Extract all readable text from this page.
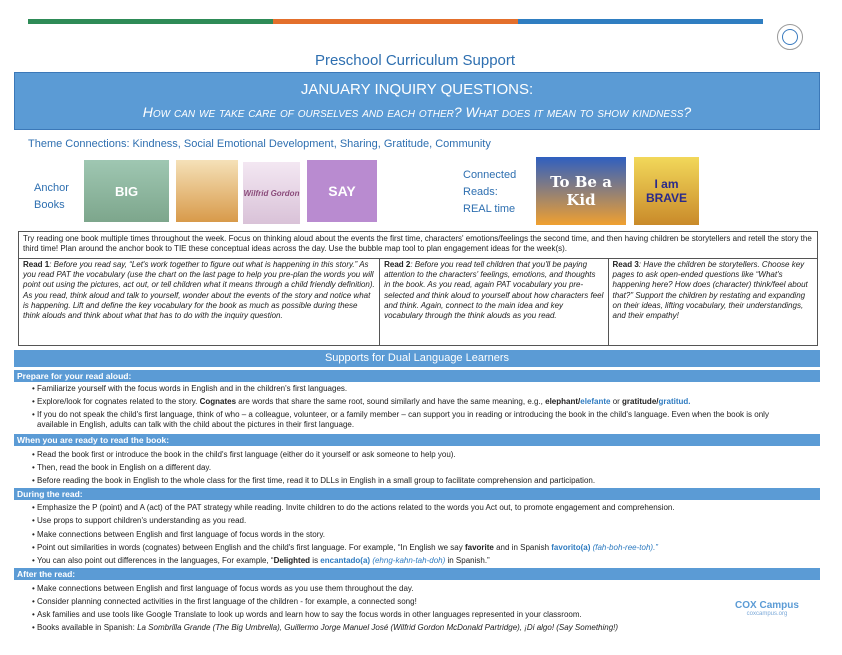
Preschool Curriculum Support
JANUARY INQUIRY QUESTIONS:
How can we take care of ourselves and each other? What does it mean to show kindness?
Theme Connections: Kindness, Social Emotional Development, Sharing, Gratitude, Community
Anchor
Books
BIG	Wilfrid Gordon SAY
Connected
Reads:
REAL time
To Be a Kid
I am BRAVE
Try reading one book multiple times throughout the week. Focus on thinking aloud about the events the first time, characters' emotions/feelings the second time, and then having children be storytellers and retell the story the third time! Plan around the anchor book to TIE these conceptual ideas across the day. Use the bubble map tool to plan engagement ideas for the week(s).
Read 1: Before you read say, “Let's work together to figure out what is happening in this story.” As you read PAT the vocabulary (use the chart on the last page to help you pre-plan the words you will point out using the pictures, act out, or tell children what it means through a child friendly definition). As you read, think aloud and talk to yourself, wonder about the events of the story and notice what is happening. Lift and define the key vocabulary for the book as much as possible during these think alouds and think about what that has to do with the inquiry question.
Read 2: Before you read tell children that you'll be paying attention to the characters' feelings, emotions, and thoughts in the book. As you read, again PAT vocabulary you pre-selected and think aloud to yourself about how characters feel and think. Again, connect to the main idea and key vocabulary through the think alouds as you read.
Read 3: Have the children be storytellers. Choose key pages to ask open-ended questions like “What's happening here? How does (character) think/feel about that?” Support the children by restating and expanding on their ideas, lifting vocabulary, their understandings, and their empathy!
Supports for Dual Language Learners
Prepare for your read aloud:
• Familiarize yourself with the focus words in English and in the children's first languages.
• Explore/look for cognates related to the story. Cognates are words that share the same root, sound similarly and have the same meaning, e.g., elephant/elefante or gratitude/gratitud.
• If you do not speak the child's first language, think of who – a colleague, volunteer, or a family member – can support you in reading or introducing the book in the child's language. Even when the book is only available in English, adults can talk with the child about the pictures in their first language.
When you are ready to read the book:
• Read the book first or introduce the book in the child's first language (either do it yourself or ask someone to help you).
• Then, read the book in English on a different day.
• Before reading the book in English to the whole class for the first time, read it to DLLs in English in a small group to facilitate comprehension and participation.
During the read:
• Emphasize the P (point) and A (act) of the PAT strategy while reading. Invite children to do the actions related to the words you Act out, to promote engagement and comprehension.
• Use props to support children's understanding as you read.
• Make connections between English and first language of focus words in the story.
• Point out similarities in words (cognates) between English and the child's first language. For example, “In English we say favorite and in Spanish favorito(a) (fah-boh-ree-toh).”
• You can also point out differences in the languages, For example, “Delighted is encantado(a) (ehng-kahn-tah-doh) in Spanish.”
After the read:
• Make connections between English and first language of focus words as you use them throughout the day.
• Consider planning connected activities in the first language of the children - for example, a connected song!
• Ask families and use tools like Google Translate to look up words and learn how to say the focus words in other languages represented in your classroom.
• Books available in Spanish: La Sombrilla Grande (The Big Umbrella), Guillermo Jorge Manuel José (Wilfrid Gordon McDonald Partridge), ¡Di algo! (Say Something!)
COX Campus
coxcampus.org
